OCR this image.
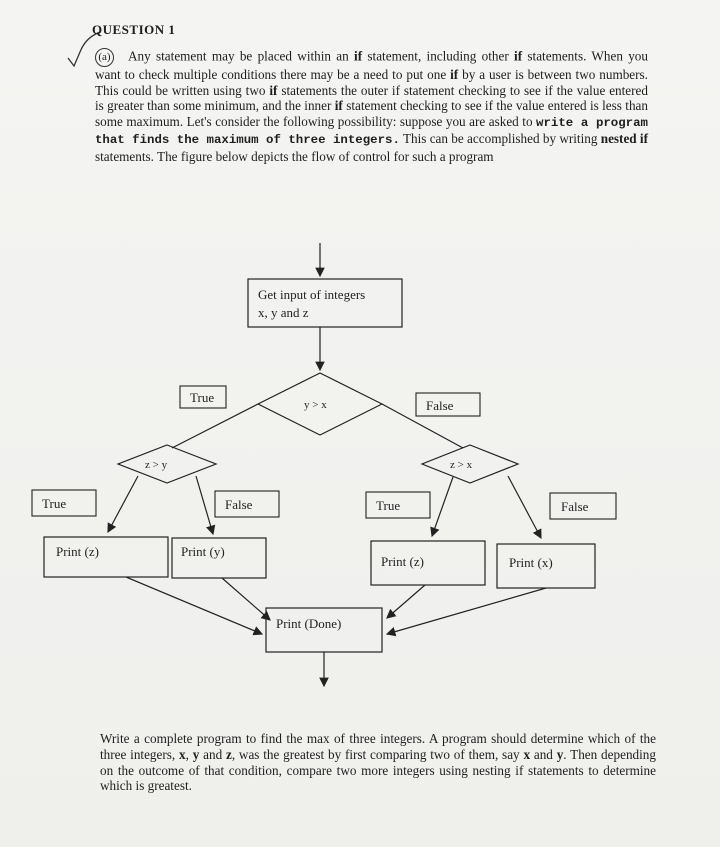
QUESTION 1
(a) Any statement may be placed within an if statement, including other if statements. When you want to check multiple conditions there may be a need to put one if by a user is between two numbers. This could be written using two if statements the outer if statement checking to see if the value entered is greater than some minimum, and the inner if statement checking to see if the value entered is less than some maximum. Let's consider the following possibility: suppose you are asked to write a program that finds the maximum of three integers. This can be accomplished by writing nested if statements. The figure below depicts the flow of control for such a program
Get input of integers
x, y and z
y > x
True
False
z > y	z > x
True	False	True	False
Print (z)	Print (y)
Print (z)	Print (x)
Print (Done)
Write a complete program to find the max of three integers. A program should determine which of the three integers, x, y and z, was the greatest by first comparing two of them, say x and y. Then depending on the outcome of that condition, compare two more integers using nesting if statements to determine which is greatest.
